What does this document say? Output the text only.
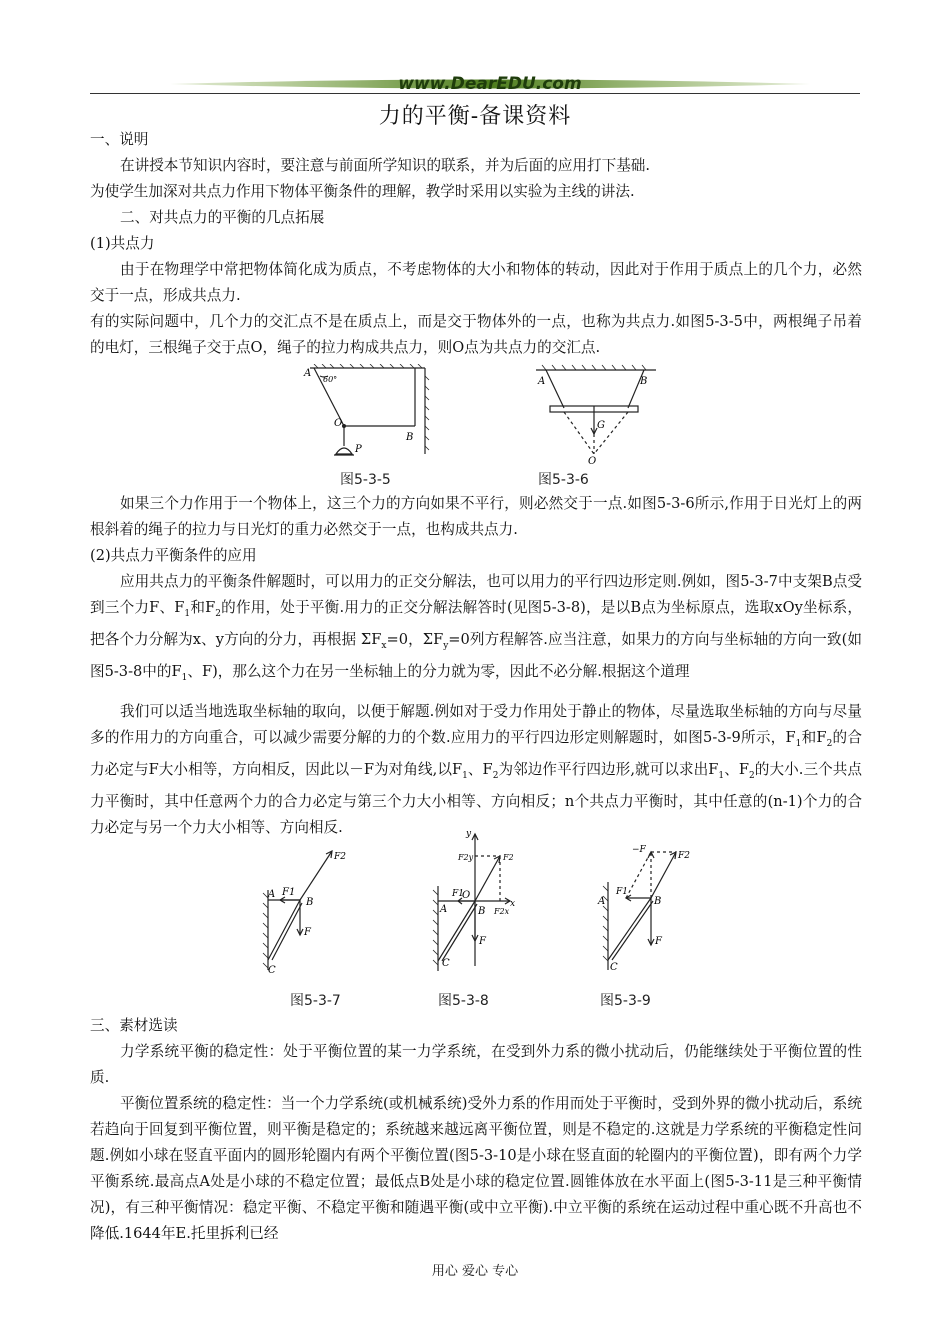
www.DearEDU.com
力的平衡-备课资料

一、说明

在讲授本节知识内容时，要注意与前面所学知识的联系，并为后面的应用打下基础.

为使学生加深对共点力作用下物体平衡条件的理解，教学时采用以实验为主线的讲法.

二、对共点力的平衡的几点拓展

(1)共点力

由于在物理学中常把物体简化成为质点，不考虑物体的大小和物体的转动，因此对于作用于质点上的几个力，必然交于一点，形成共点力.

有的实际问题中，几个力的交汇点不是在质点上，而是交于物体外的一点，也称为共点力.如图5-3-5中，两根绳子吊着的电灯，三根绳子交于点O，绳子的拉力构成共点力，则O点为共点力的交汇点.

A
60°
O
B
P
A	B
G
O
图5-3-5	图5-3-6

如果三个力作用于一个物体上，这三个力的方向如果不平行，则必然交于一点.如图5-3-6所示,作用于日光灯上的两根斜着的绳子的拉力与日光灯的重力必然交于一点，也构成共点力.

(2)共点力平衡条件的应用

应用共点力的平衡条件解题时，可以用力的正交分解法，也可以用力的平行四边形定则.例如，图5-3-7中支架B点受到三个力F、$F_1$和$F_2$的作用，处于平衡.用力的正交分解法解答时(见图5-3-8)，是以B点为坐标原点，选取xOy坐标系，把各个力分解为x、y方向的分力，再根据 $\Sigma F_x=0$，$\Sigma F_y=0$列方程解答.应当注意，如果力的方向与坐标轴的方向一致(如图5-3-8中的$F_1$、F)，那么这个力在另一坐标轴上的分力就为零，因此不必分解.根据这个道理

我们可以适当地选取坐标轴的取向，以便于解题.例如对于受力作用处于静止的物体，尽量选取坐标轴的方向与尽量多的作用力的方向重合，可以减少需要分解的力的个数.应用力的平行四边形定则解题时，如图5-3-9所示，$F_1$和$F_2$的合力必定与F大小相等，方向相反，因此以－F为对角线,以$F_1$、$F_2$为邻边作平行四边形,就可以求出$F_1$、$F_2$的大小.三个共点力平衡时，其中任意两个力的合力必定与第三个力大小相等、方向相反；n个共点力平衡时，其中任意的(n-1)个力的合力必定与另一个力大小相等、方向相反.

A F1
B
F2
F
C
y
F2y	F2
F1
O
A	B F2x
x
F
C
−F
F2
F1
A	B
F
C
图5-3-7	图5-3-8	图5-3-9

三、素材选读

力学系统平衡的稳定性：处于平衡位置的某一力学系统，在受到外力系的微小扰动后，仍能继续处于平衡位置的性质.

平衡位置系统的稳定性：当一个力学系统(或机械系统)受外力系的作用而处于平衡时，受到外界的微小扰动后，系统若趋向于回复到平衡位置，则平衡是稳定的；系统越来越远离平衡位置，则是不稳定的.这就是力学系统的平衡稳定性问题.例如小球在竖直平面内的圆形轮圈内有两个平衡位置(图5-3-10是小球在竖直面的轮圈内的平衡位置)，即有两个力学平衡系统.最高点A处是小球的不稳定位置；最低点B处是小球的稳定位置.圆锥体放在水平面上(图5-3-11是三种平衡情况)，有三种平衡情况：稳定平衡、不稳定平衡和随遇平衡(或中立平衡).中立平衡的系统在运动过程中重心既不升高也不降低.1644年E.托里拆利已经

用心 爱心 专心
